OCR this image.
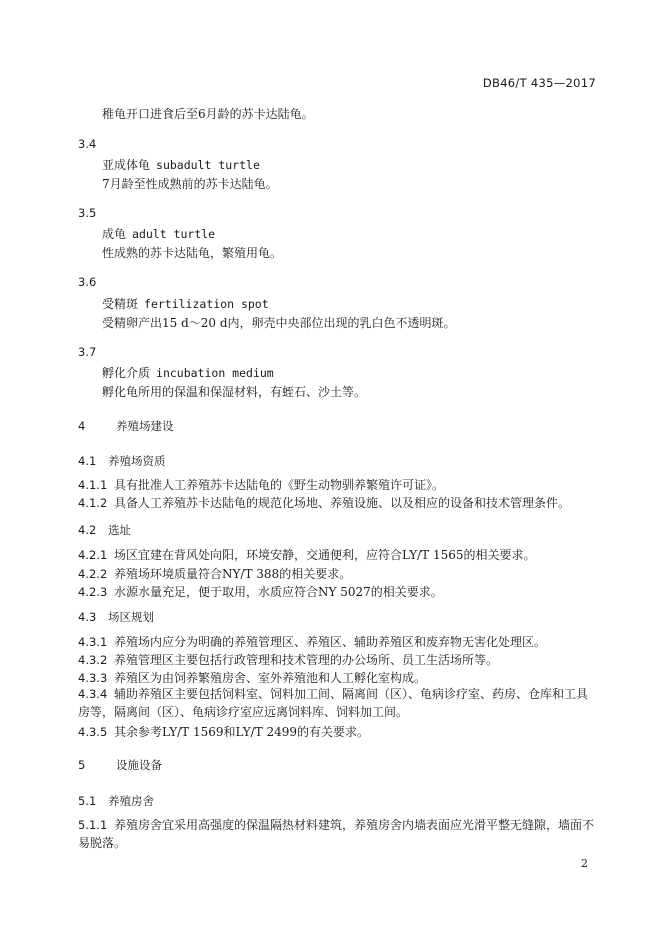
DB46/T 435—2017
稚龟开口进食后至6月龄的苏卡达陆龟。
3.4
亚成体龟 subadult turtle
7月龄至性成熟前的苏卡达陆龟。
3.5
成龟 adult turtle
性成熟的苏卡达陆龟，繁殖用龟。
3.6
受精斑 fertilization spot
受精卵产出15 d～20 d内，卵壳中央部位出现的乳白色不透明斑。
3.7
孵化介质 incubation medium
孵化龟所用的保温和保湿材料，有蛭石、沙土等。
4	养殖场建设
4.1 养殖场资质
4.1.1 具有批准人工养殖苏卡达陆龟的《野生动物驯养繁殖许可证》。
4.1.2 具备人工养殖苏卡达陆龟的规范化场地、养殖设施、以及相应的设备和技术管理条件。
4.2 选址
4.2.1 场区宜建在背风处向阳，环境安静，交通便利，应符合LY/T 1565的相关要求。
4.2.2 养殖场环境质量符合NY/T 388的相关要求。
4.2.3 水源水量充足，便于取用，水质应符合NY 5027的相关要求。
4.3 场区规划
4.3.1 养殖场内应分为明确的养殖管理区、养殖区、辅助养殖区和废弃物无害化处理区。
4.3.2 养殖管理区主要包括行政管理和技术管理的办公场所、员工生活场所等。
4.3.3 养殖区为由饲养繁殖房舍、室外养殖池和人工孵化室构成。
4.3.4 辅助养殖区主要包括饲料室、饲料加工间、隔离间（区）、龟病诊疗室、药房、仓库和工具房等，隔离间（区）、龟病诊疗室应远离饲料库、饲料加工间。
4.3.5 其余参考LY/T 1569和LY/T 2499的有关要求。
5	设施设备
5.1 养殖房舍
5.1.1 养殖房舍宜采用高强度的保温隔热材料建筑，养殖房舍内墙表面应光滑平整无缝隙，墙面不易脱落。
2
